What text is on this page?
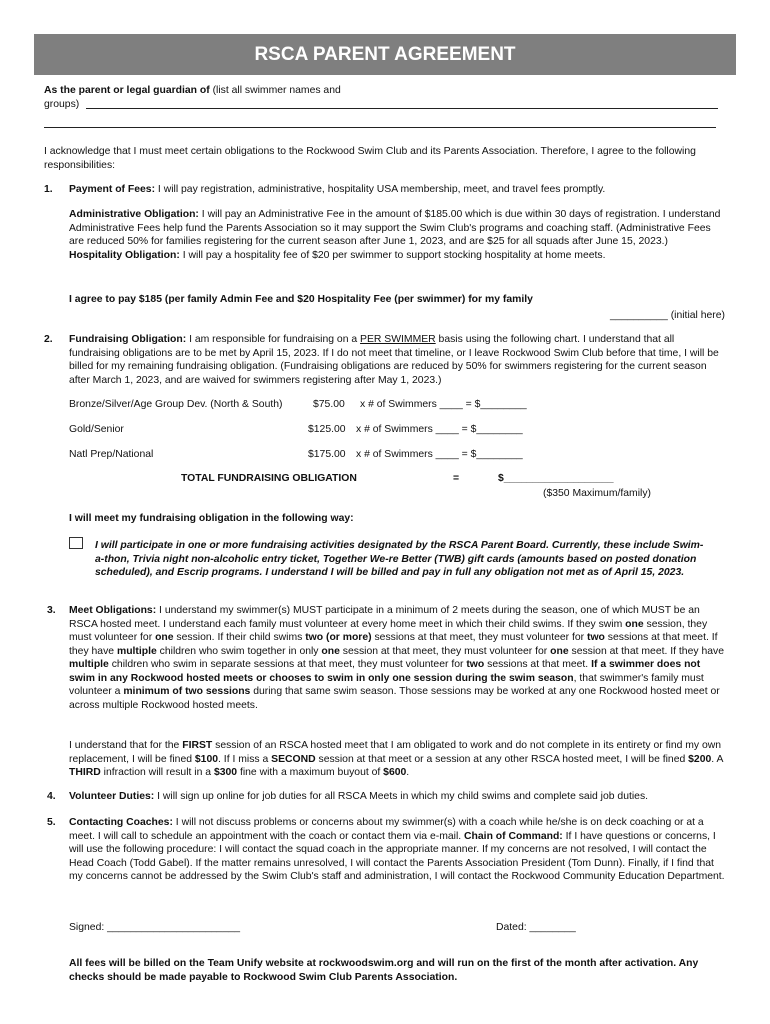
RSCA PARENT AGREEMENT
As the parent or legal guardian of (list all swimmer names and
groups)
I acknowledge that I must meet certain obligations to the Rockwood Swim Club and its Parents Association. Therefore, I agree to the following responsibilities:
1. Payment of Fees: I will pay registration, administrative, hospitality USA membership, meet, and travel fees promptly.
Administrative Obligation: I will pay an Administrative Fee in the amount of $185.00 which is due within 30 days of registration. I understand Administrative Fees help fund the Parents Association so it may support the Swim Club's programs and coaching staff. (Administrative Fees are reduced 50% for families registering for the current season after June 1, 2023, and are $25 for all squads after June 15, 2023.)
Hospitality Obligation: I will pay a hospitality fee of $20 per swimmer to support stocking hospitality at home meets.
I agree to pay $185 (per family Admin Fee and $20 Hospitality Fee (per swimmer) for my family
__________ (initial here)
2. Fundraising Obligation: I am responsible for fundraising on a PER SWIMMER basis using the following chart. I understand that all fundraising obligations are to be met by April 15, 2023. If I do not meet that timeline, or I leave Rockwood Swim Club before that time, I will be billed for my remaining fundraising obligation. (Fundraising obligations are reduced by 50% for swimmers registering for the current season after March 1, 2023, and are waived for swimmers registering after May 1, 2023.)
Bronze/Silver/Age Group Dev. (North & South)	$75.00 x # of Swimmers ____ = $________
Gold/Senior	$125.00 x # of Swimmers ____ = $________
Natl Prep/National	$175.00 x # of Swimmers ____ = $________
TOTAL FUNDRAISING OBLIGATION	=	$___________________
($350 Maximum/family)
I will meet my fundraising obligation in the following way:
I will participate in one or more fundraising activities designated by the RSCA Parent Board. Currently, these include Swim-a-thon, Trivia night non-alcoholic entry ticket, Together We-re Better (TWB) gift cards (amounts based on posted donation scheduled), and Escrip programs. I understand I will be billed and pay in full any obligation not met as of April 15, 2023.
3. Meet Obligations: I understand my swimmer(s) MUST participate in a minimum of 2 meets during the season, one of which MUST be an RSCA hosted meet. I understand each family must volunteer at every home meet in which their child swims. If they swim one session, they must volunteer for one session. If their child swims two (or more) sessions at that meet, they must volunteer for two sessions at that meet. If they have multiple children who swim together in only one session at that meet, they must volunteer for one session at that meet. If they have multiple children who swim in separate sessions at that meet, they must volunteer for two sessions at that meet. If a swimmer does not swim in any Rockwood hosted meets or chooses to swim in only one session during the swim season, that swimmer's family must volunteer a minimum of two sessions during that same swim season. Those sessions may be worked at any one Rockwood hosted meet or across multiple Rockwood hosted meets.
I understand that for the FIRST session of an RSCA hosted meet that I am obligated to work and do not complete in its entirety or find my own replacement, I will be fined $100. If I miss a SECOND session at that meet or a session at any other RSCA hosted meet, I will be fined $200. A THIRD infraction will result in a $300 fine with a maximum buyout of $600.
4. Volunteer Duties: I will sign up online for job duties for all RSCA Meets in which my child swims and complete said job duties.
5. Contacting Coaches: I will not discuss problems or concerns about my swimmer(s) with a coach while he/she is on deck coaching or at a meet. I will call to schedule an appointment with the coach or contact them via e-mail. Chain of Command: If I have questions or concerns, I will use the following procedure: I will contact the squad coach in the appropriate manner. If my concerns are not resolved, I will contact the Head Coach (Todd Gabel). If the matter remains unresolved, I will contact the Parents Association President (Tom Dunn). Finally, if I find that my concerns cannot be addressed by the Swim Club's staff and administration, I will contact the Rockwood Community Education Department.
Signed: _______________________	Dated: ________
All fees will be billed on the Team Unify website at rockwoodswim.org and will run on the first of the month after activation. Any checks should be made payable to Rockwood Swim Club Parents Association.
